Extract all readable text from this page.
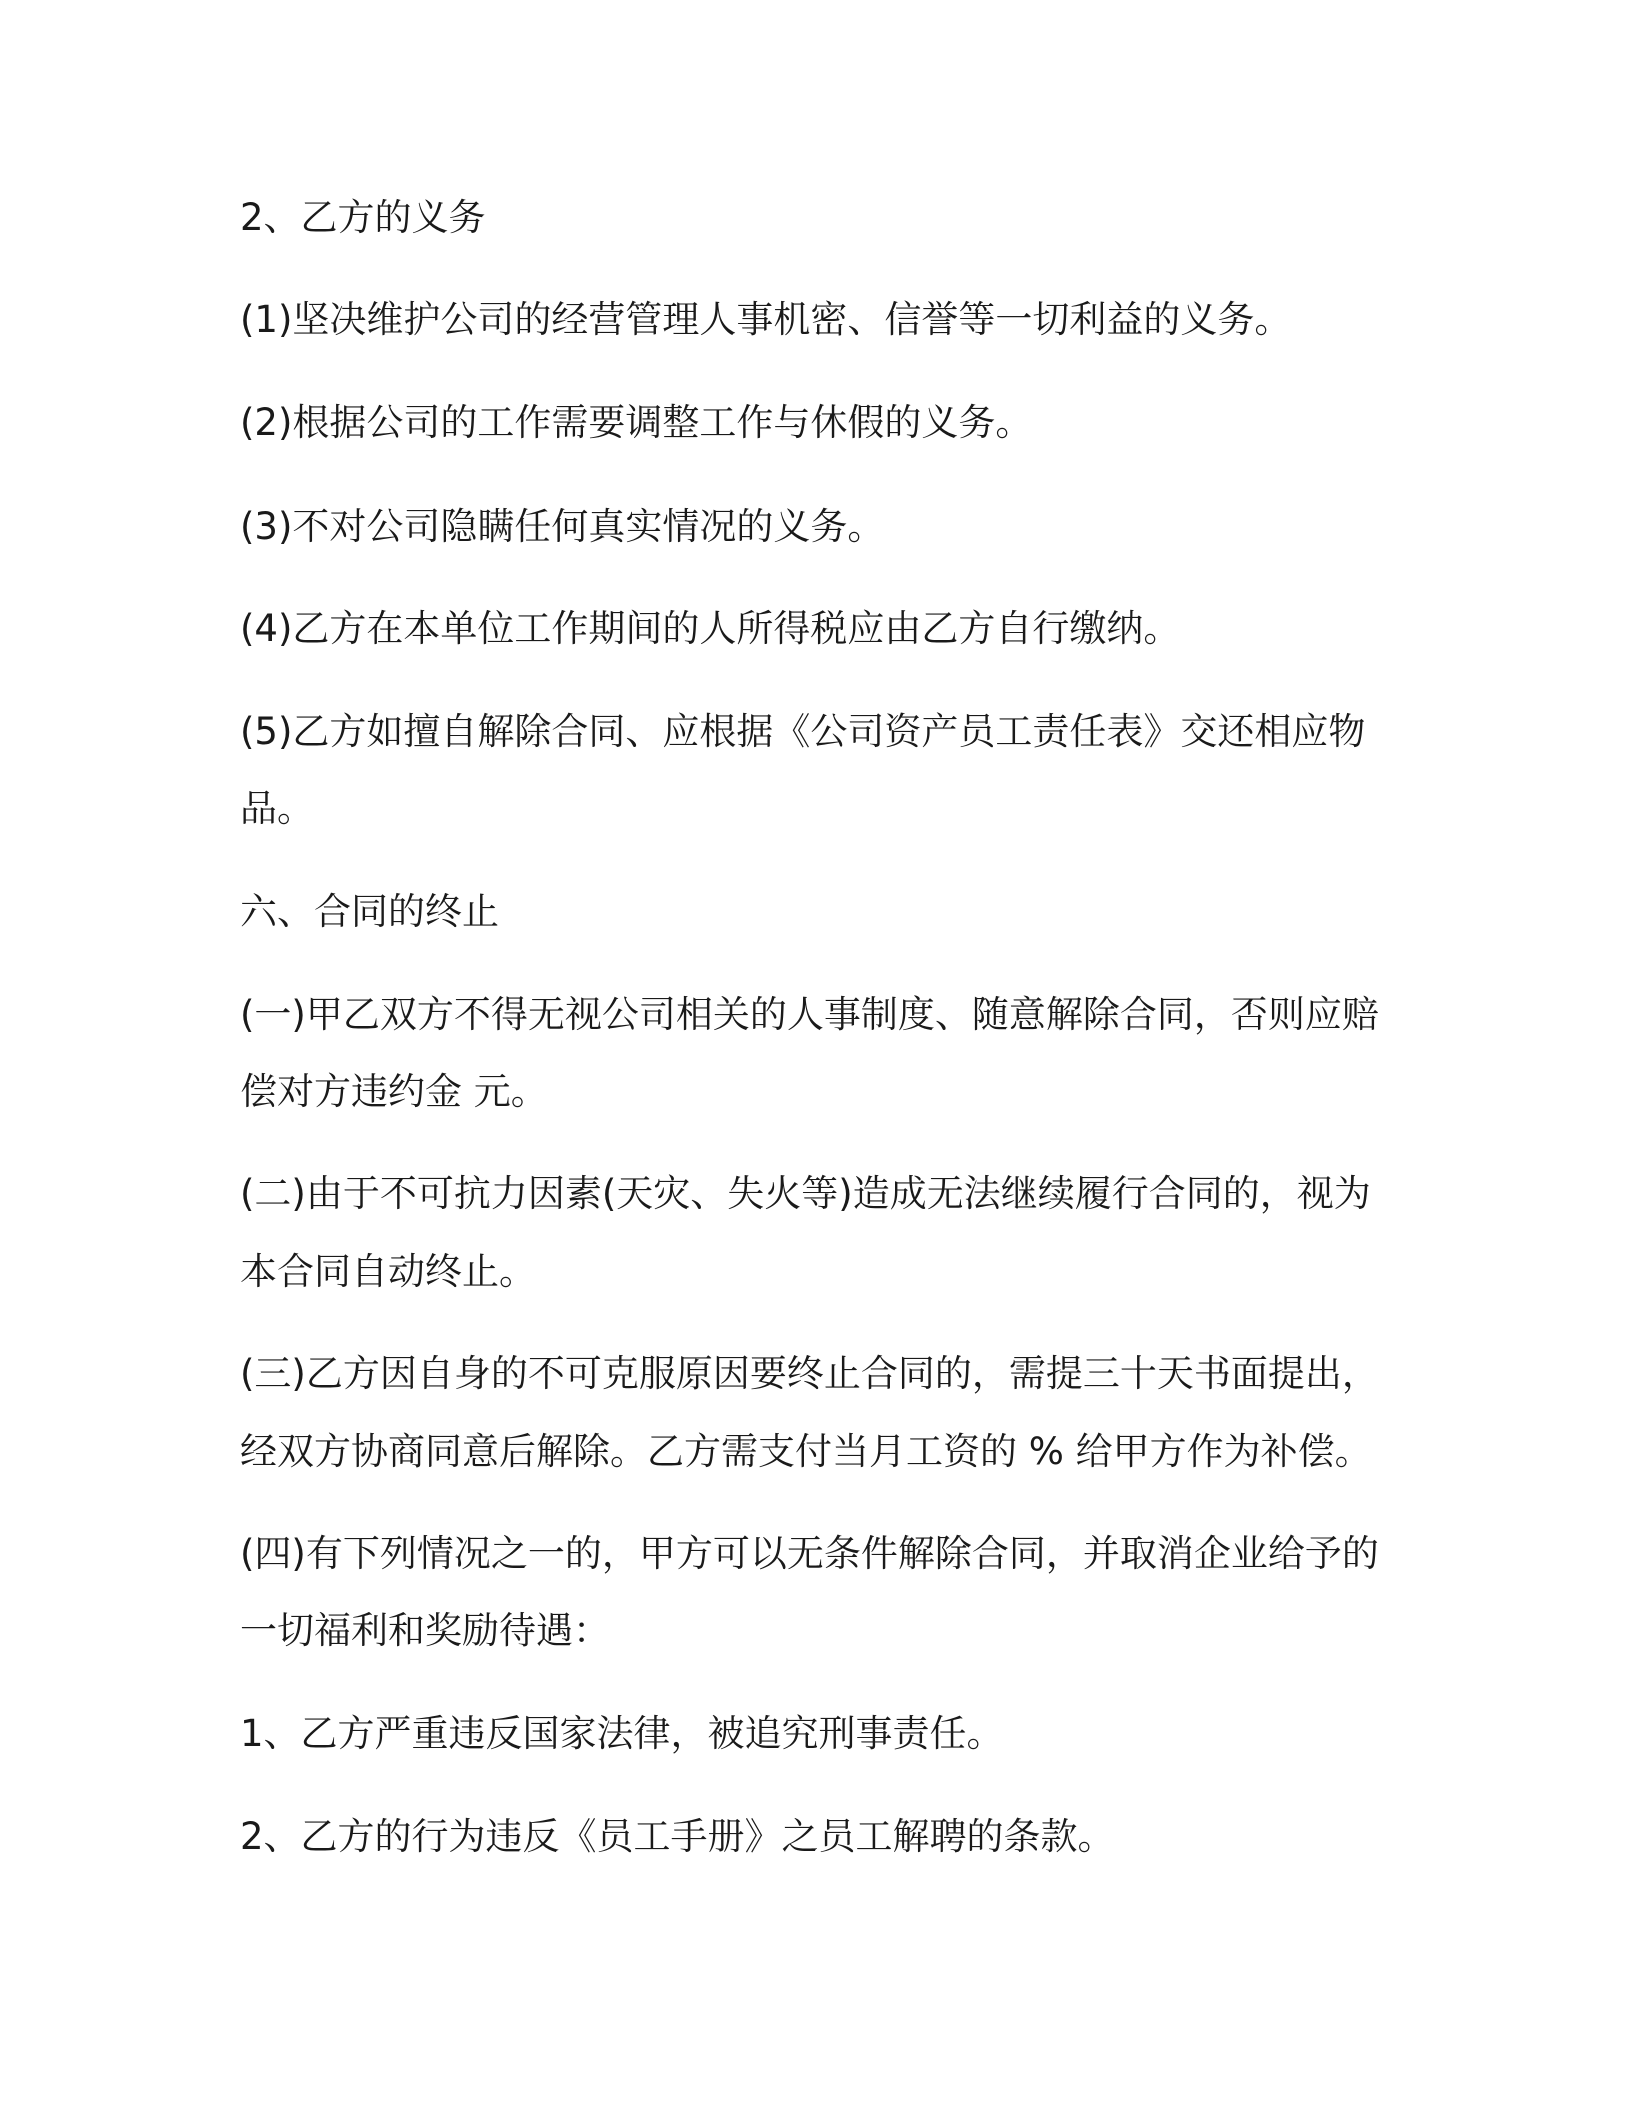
2、乙方的义务
(1)坚决维护公司的经营管理人事机密、信誉等一切利益的义务。
(2)根据公司的工作需要调整工作与休假的义务。
(3)不对公司隐瞒任何真实情况的义务。
(4)乙方在本单位工作期间的人所得税应由乙方自行缴纳。
(5)乙方如擅自解除合同、应根据《公司资产员工责任表》交还相应物
品。
六、合同的终止
(一)甲乙双方不得无视公司相关的人事制度、随意解除合同，否则应赔
偿对方违约金 元。
(二)由于不可抗力因素(天灾、失火等)造成无法继续履行合同的，视为
本合同自动终止。
(三)乙方因自身的不可克服原因要终止合同的，需提三十天书面提出，
经双方协商同意后解除。乙方需支付当月工资的 % 给甲方作为补偿。
(四)有下列情况之一的，甲方可以无条件解除合同，并取消企业给予的
一切福利和奖励待遇：
1、乙方严重违反国家法律，被追究刑事责任。
2、乙方的行为违反《员工手册》之员工解聘的条款。
